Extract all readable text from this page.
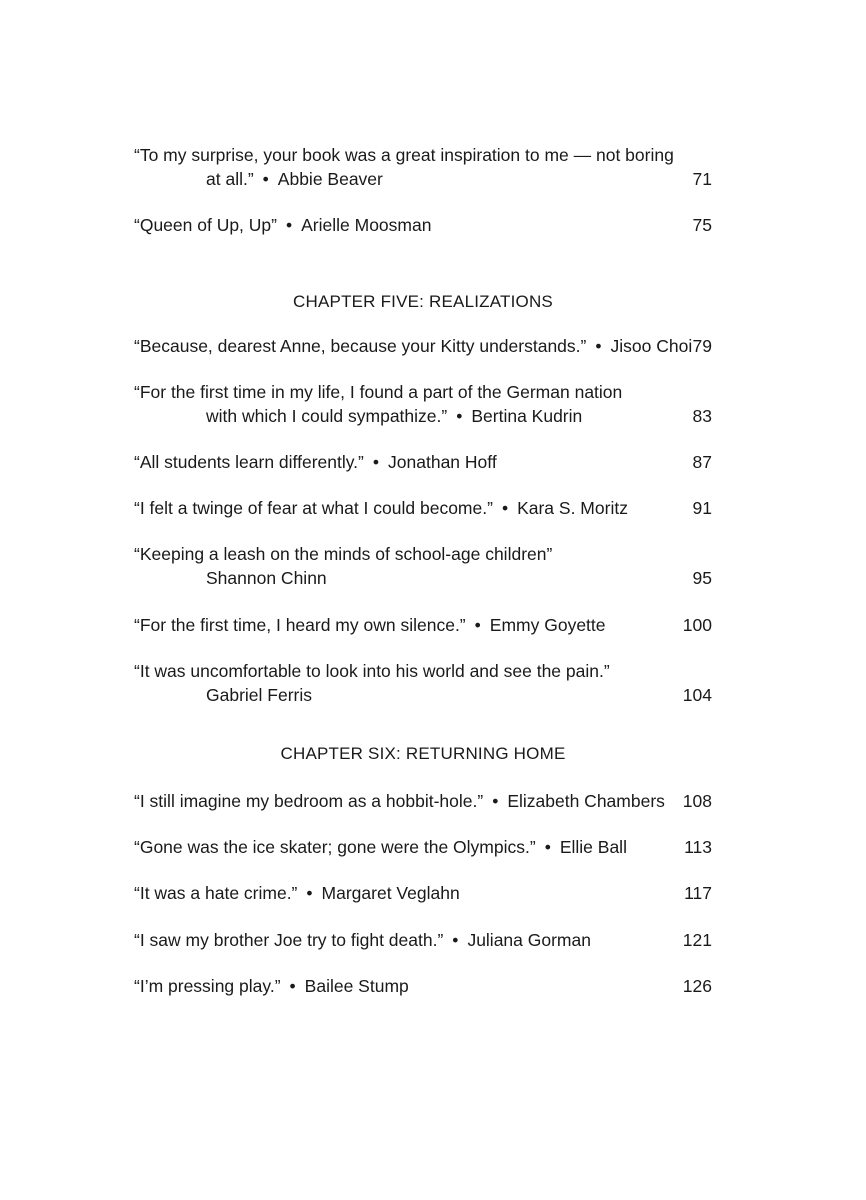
“To my surprise, your book was a great inspiration to me — not boring
at all.” • Abbie Beaver	71
“Queen of Up, Up” • Arielle Moosman	75
CHAPTER FIVE: REALIZATIONS
“Because, dearest Anne, because your Kitty understands.” • Jisoo Choi 79
“For the first time in my life, I found a part of the German nation
with which I could sympathize.” • Bertina Kudrin	83
“All students learn differently.” • Jonathan Hoff	87
“I felt a twinge of fear at what I could become.” • Kara S. Moritz	91
“Keeping a leash on the minds of school-age children”
Shannon Chinn	95
“For the first time, I heard my own silence.” • Emmy Goyette	100
“It was uncomfortable to look into his world and see the pain.”
Gabriel Ferris	104
CHAPTER SIX: RETURNING HOME
“I still imagine my bedroom as a hobbit-hole.” • Elizabeth Chambers	108
“Gone was the ice skater; gone were the Olympics.” • Ellie Ball	113
“It was a hate crime.” • Margaret Veglahn	117
“I saw my brother Joe try to fight death.” • Juliana Gorman	121
“I’m pressing play.” • Bailee Stump	126
